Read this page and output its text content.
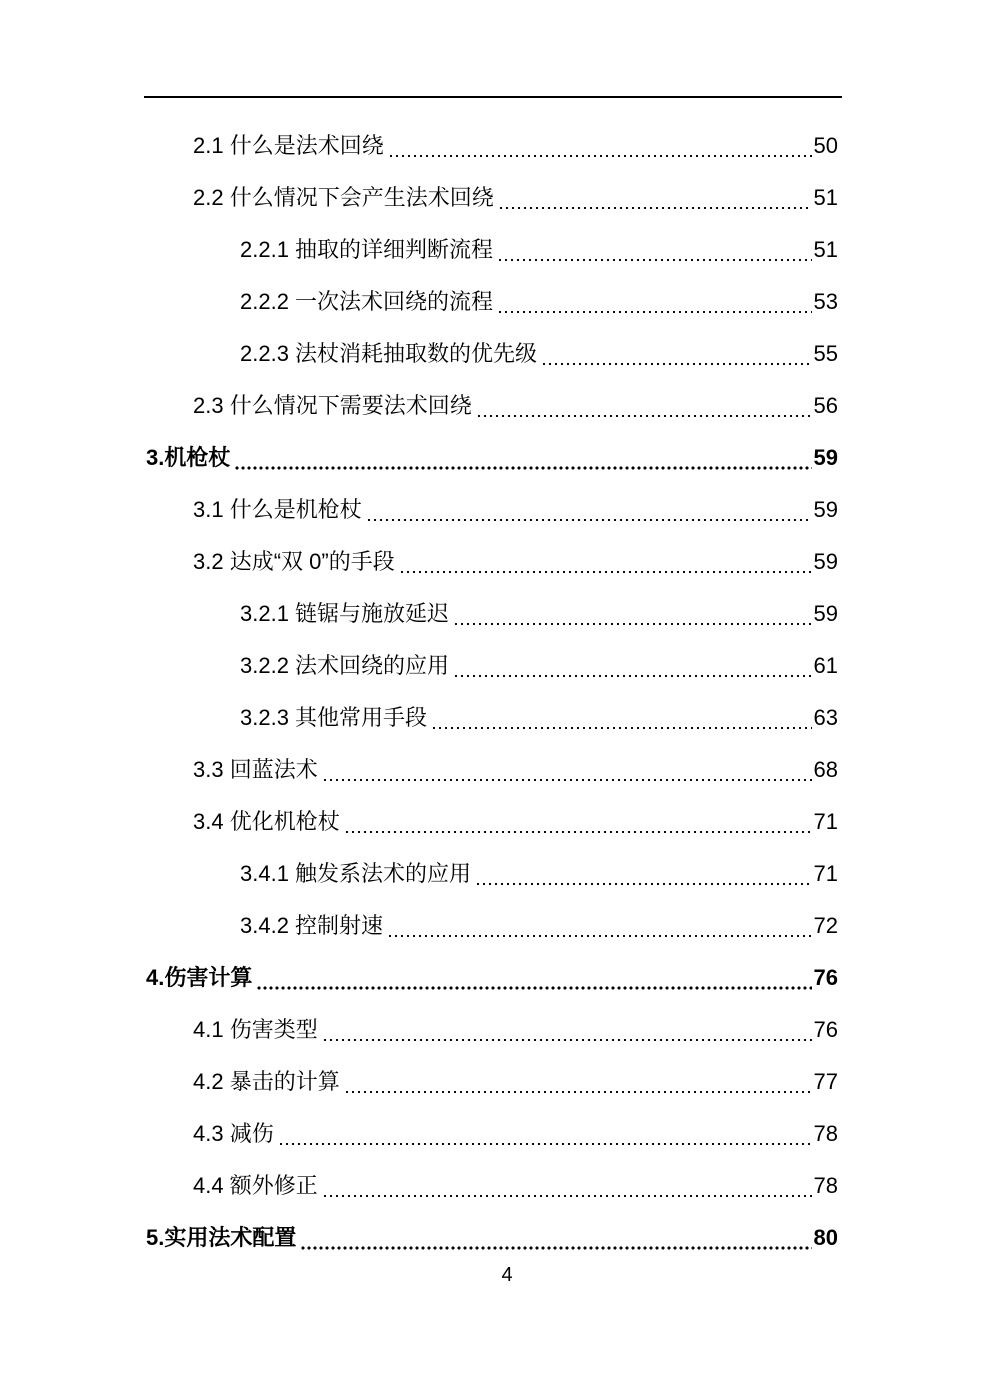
2.1 什么是法术回绕	50
2.2 什么情况下会产生法术回绕	51
2.2.1 抽取的详细判断流程	51
2.2.2 一次法术回绕的流程	53
2.2.3 法杖消耗抽取数的优先级	55
2.3 什么情况下需要法术回绕	56
3.机枪杖	59
3.1 什么是机枪杖	59
3.2 达成“双 0”的手段	59
3.2.1 链锯与施放延迟	59
3.2.2 法术回绕的应用	61
3.2.3 其他常用手段	63
3.3 回蓝法术	68
3.4 优化机枪杖	71
3.4.1 触发系法术的应用	71
3.4.2 控制射速	72
4.伤害计算	76
4.1 伤害类型	76
4.2 暴击的计算	77
4.3 减伤	78
4.4 额外修正	78
5.实用法术配置	80
4
